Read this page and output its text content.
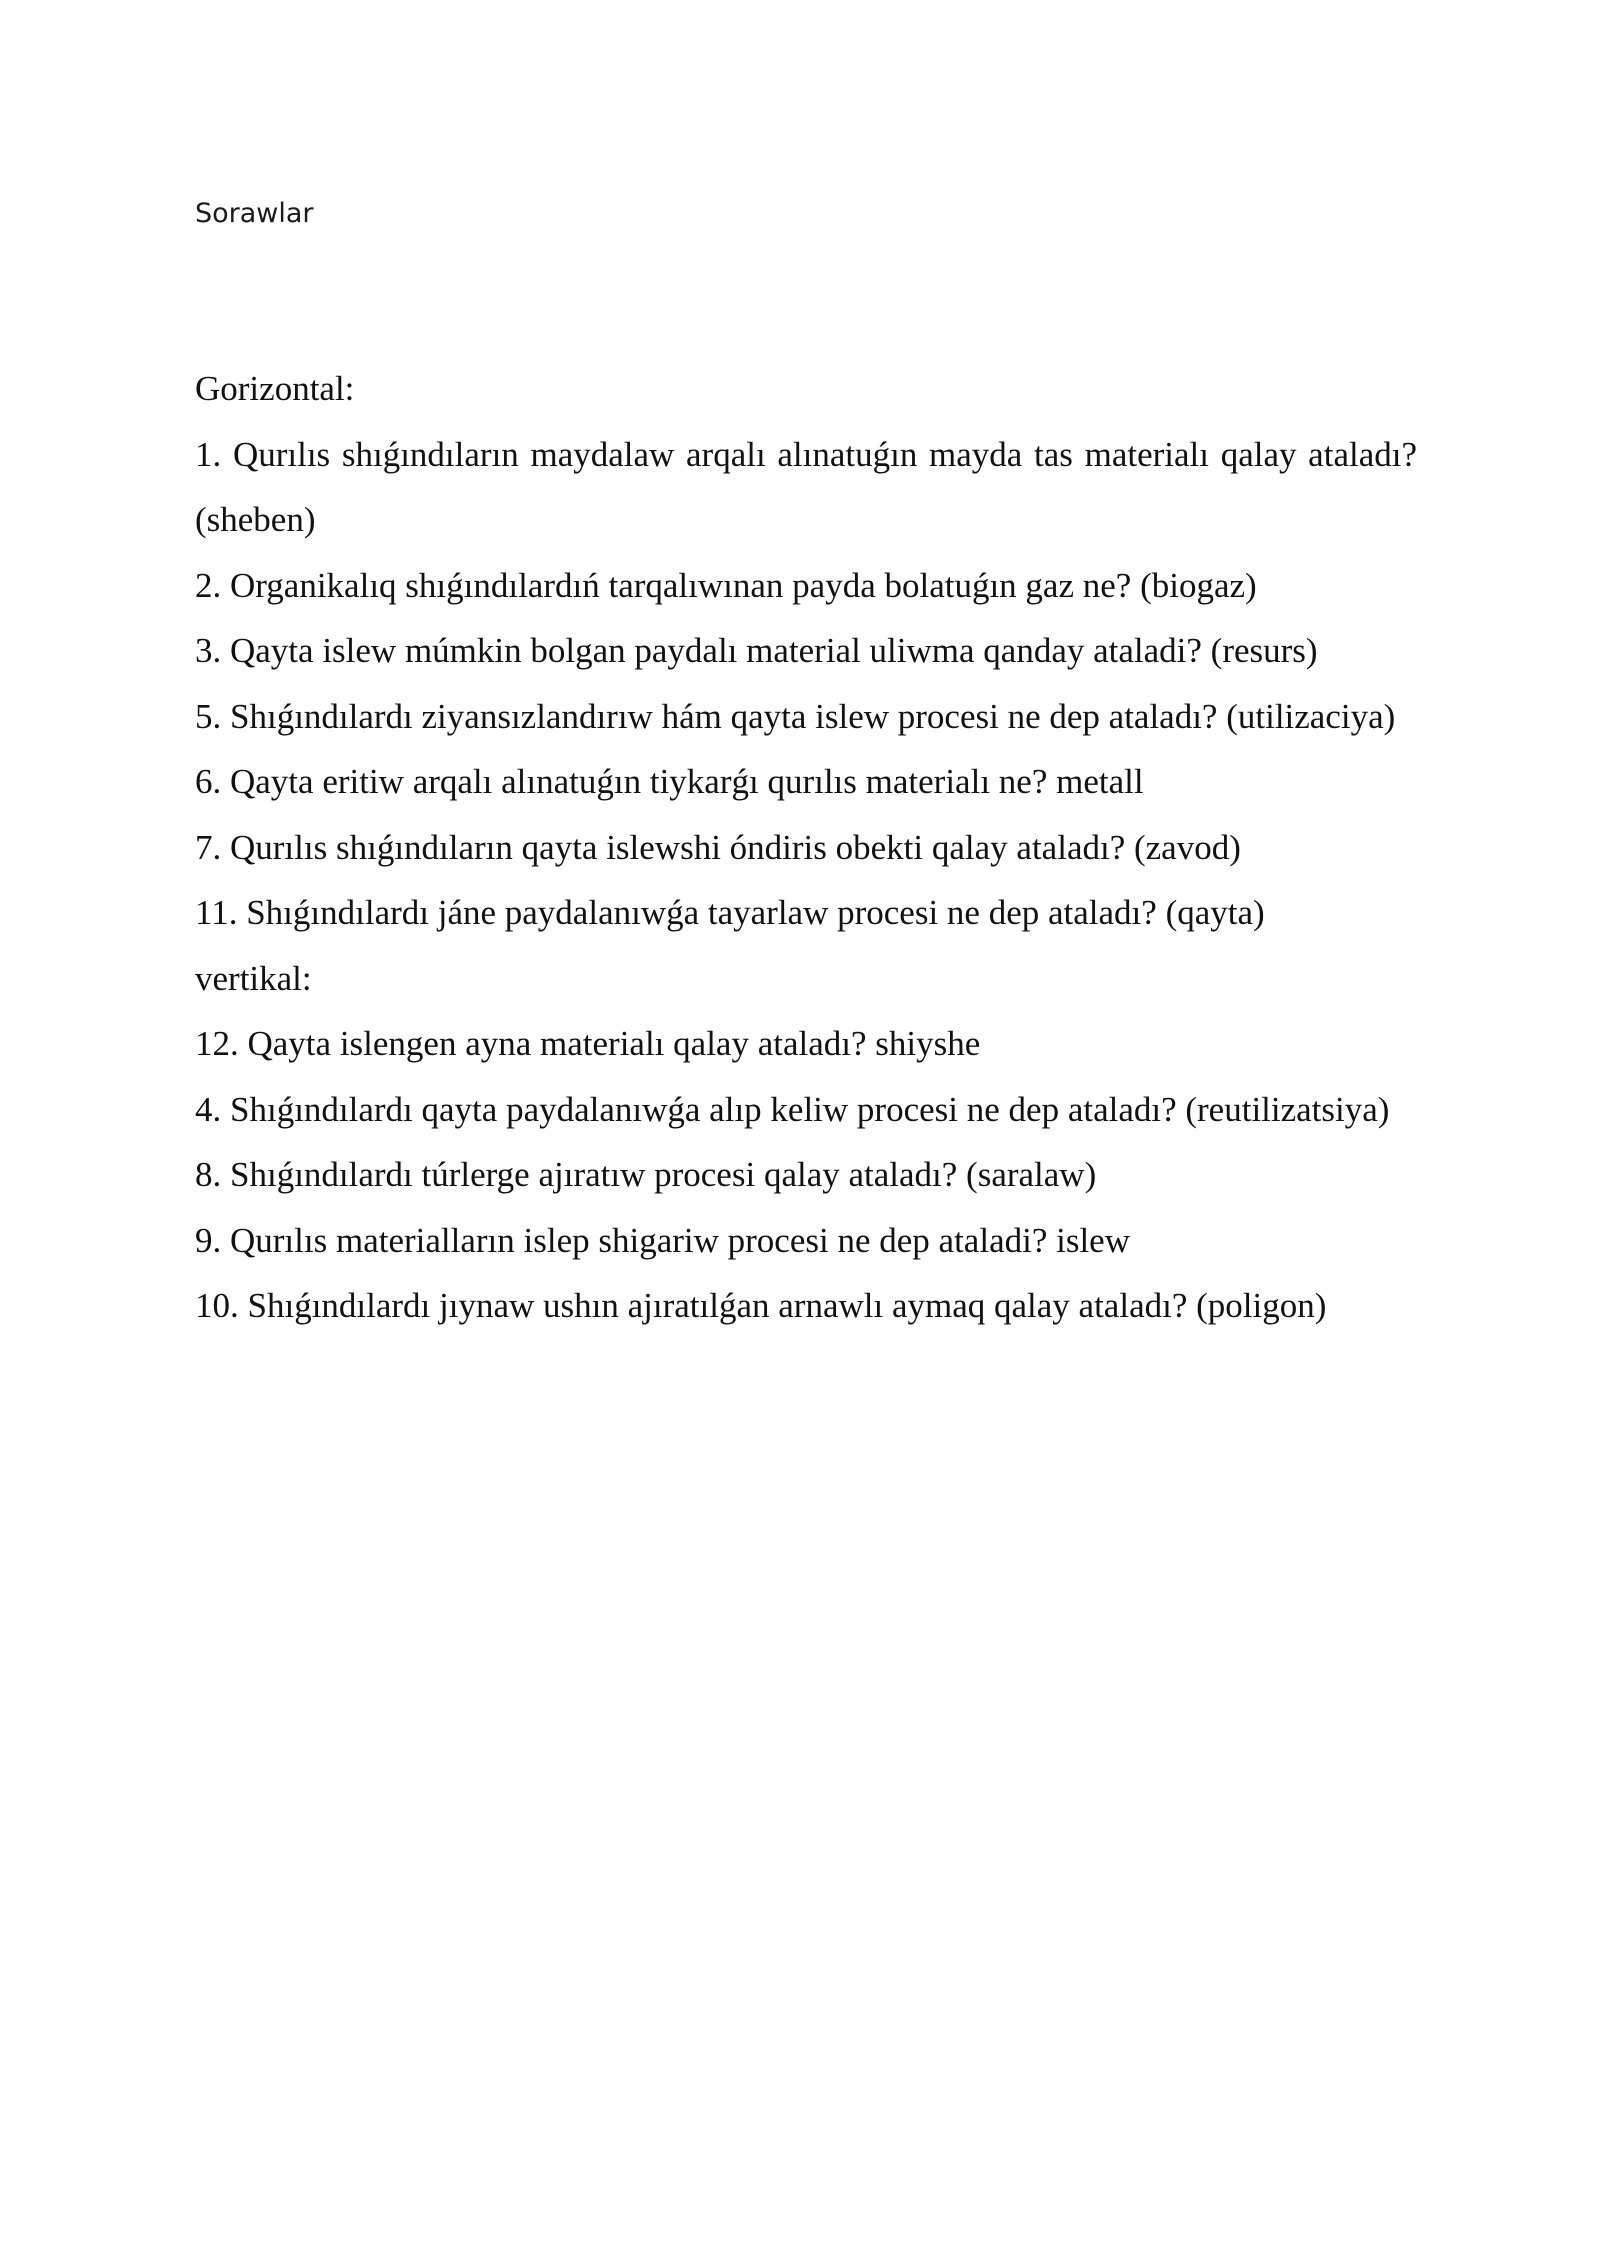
Sorawlar

Gorizontal:

1. Qurılıs shıǵındıların maydalaw arqalı alınatuǵın mayda tas materialı qalay ataladı? (sheben)

2. Organikalıq shıǵındılardıń tarqalıwınan payda bolatuǵın gaz ne? (biogaz)

3. Qayta islew múmkin bolgan paydalı material uliwma qanday ataladi? (resurs)

5. Shıǵındılardı ziyansızlandırıw hám qayta islew procesi ne dep ataladı? (utilizaciya)

6. Qayta eritiw arqalı alınatuǵın tiykarǵı qurılıs materialı ne? metall

7. Qurılıs shıǵındıların qayta islewshi óndiris obekti qalay ataladı? (zavod)

11. Shıǵındılardı jáne paydalanıwǵa tayarlaw procesi ne dep ataladı? (qayta)

vertikal:

12. Qayta islengen ayna materialı qalay ataladı? shiyshe

4. Shıǵındılardı qayta paydalanıwǵa alıp keliw procesi ne dep ataladı? (reutilizatsiya)

8. Shıǵındılardı túrlerge ajıratıw procesi qalay ataladı? (saralaw)

9. Qurılıs materialların islep shigariw procesi ne dep ataladi? islew

10. Shıǵındılardı jıynaw ushın ajıratılǵan arnawlı aymaq qalay ataladı? (poligon)
